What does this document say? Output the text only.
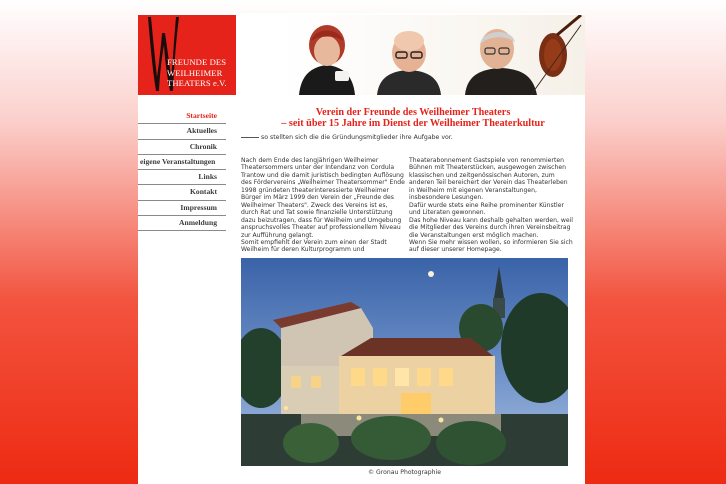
FREUNDE DES
WEILHEIMER
THEATERS e.V.
Startseite
Aktuelles
Chronik
eigene Veranstaltungen
Links
Kontakt
Impressum
Anmeldung
Verein der Freunde des Weilheimer Theaters
– seit über 15 Jahre im Dienst der Weilheimer Theaterkultur
so stellten sich die die Gründungsmitglieder ihre Aufgabe vor.

Nach dem Ende des langjährigen Weilheimer

Theatersommers unter der Intendanz von Cordula

Trantow und die damit juristisch bedingten Auflösung

des Fördervereins „Weilheimer Theatersommer" Ende

1998 gründeten theaterinteressierte Weilheimer

Bürger im März 1999 den Verein der „Freunde des

Weilheimer Theaters". Zweck des Vereins ist es,

durch Rat und Tat sowie finanzielle Unterstützung

dazu beizutragen, dass für Weilheim und Umgebung

anspruchsvolles Theater auf professionellem Niveau

zur Aufführung gelangt.

Somit empfiehlt der Verein zum einen der Stadt

Weilheim für deren Kulturprogramm und

Theaterabonnement Gastspiele von renommierten

Bühnen mit Theaterstücken, ausgewogen zwischen

klassischen und zeitgenössischen Autoren, zum

anderen Teil bereichert der Verein das Theaterleben

in Weilheim mit eigenen Veranstaltungen,

insbesondere Lesungen.

Dafür wurde stets eine Reihe prominenter Künstler

und Literaten gewonnen.

Das hohe Niveau kann deshalb gehalten werden, weil

die Mitglieder des Vereins durch ihren Vereinsbeitrag

die Veranstaltungen erst möglich machen.

Wenn Sie mehr wissen wollen, so informieren Sie sich

auf dieser unserer Homepage.

© Gronau Photographie
